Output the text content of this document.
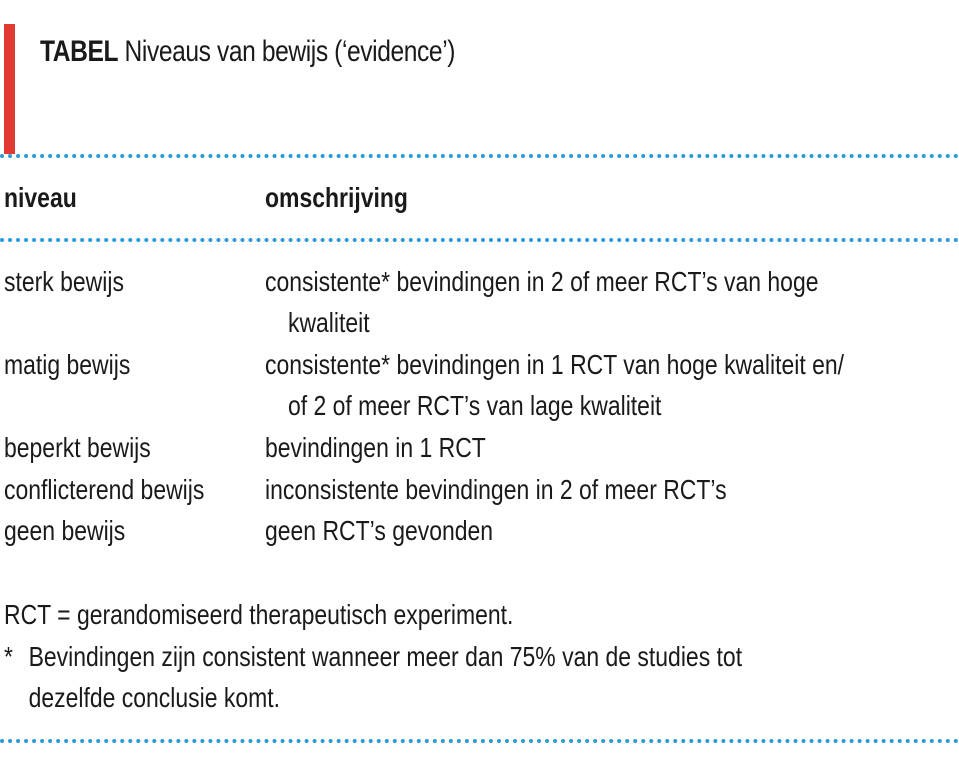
TABEL Niveaus van bewijs (‘evidence’)
niveau	omschrijving
sterk bewijs	consistente* bevindingen in 2 of meer RCT’s van hoge
kwaliteit
matig bewijs	consistente* bevindingen in 1 RCT van hoge kwaliteit en/
of 2 of meer RCT’s van lage kwaliteit
beperkt bewijs	bevindingen in 1 RCT
conflicterend bewijs inconsistente bevindingen in 2 of meer RCT’s
geen bewijs	geen RCT’s gevonden
RCT = gerandomiseerd therapeutisch experiment.
* Bevindingen zijn consistent wanneer meer dan 75% van de studies tot
dezelfde conclusie komt.
